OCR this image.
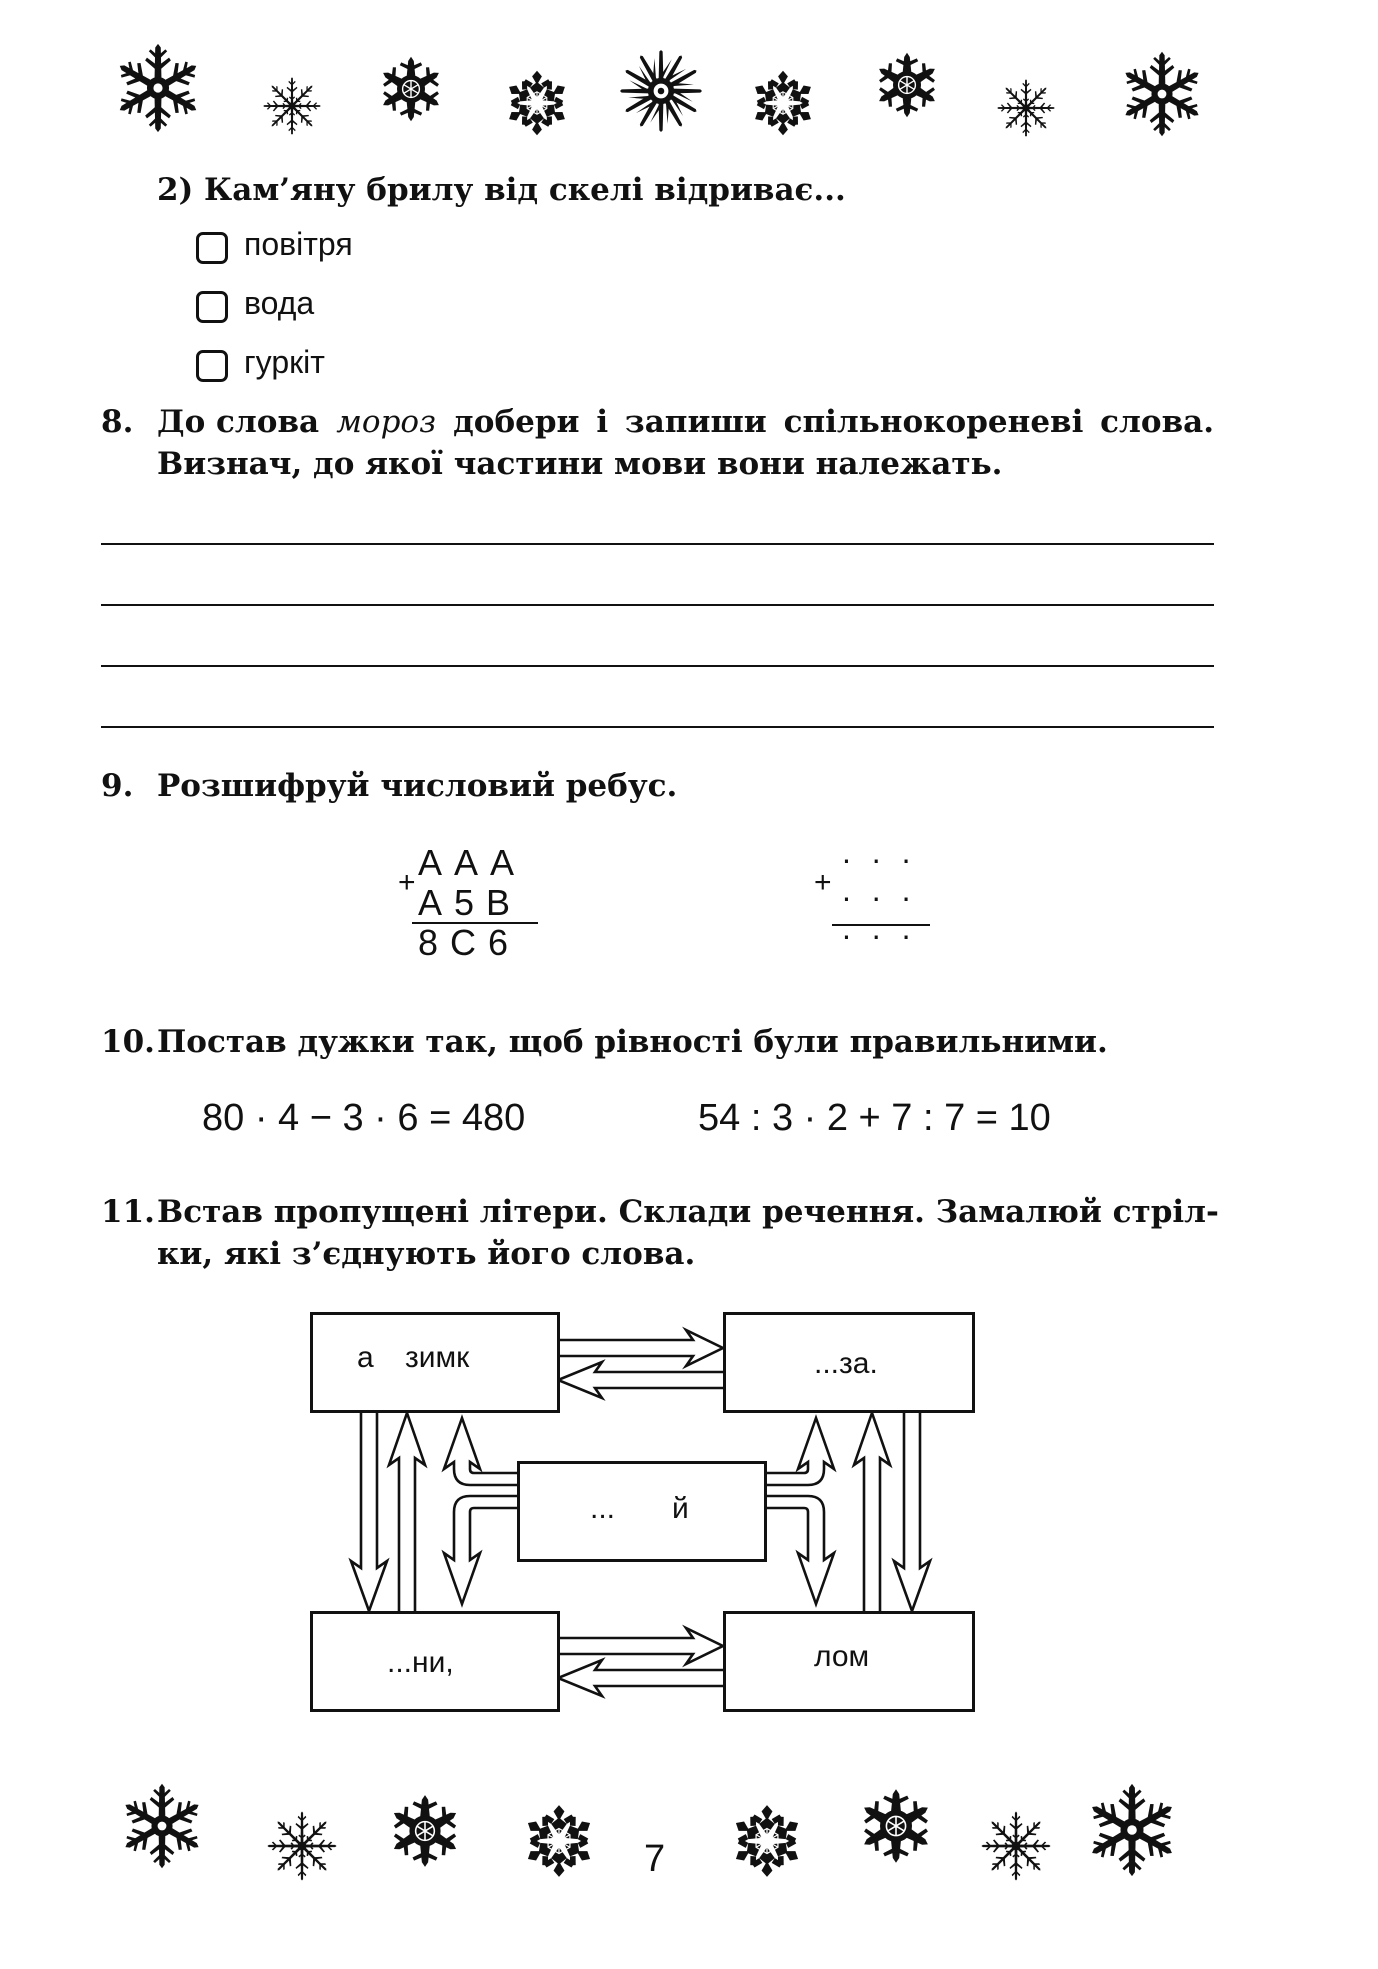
2) Кам’яну брилу від скелі відриває...
повітря
вода
гуркіт
8. До слова мороз добери і запиши спільнокореневі слова.
Визнач, до якої частини мови вони належать.
9. Розшифруй числовий ребус.
А А А
+ А 5 В
8 С 6
. . .
+ . . .
. . .
10. Постав дужки так, щоб рівності були правильними.
80 · 4 − 3 · 6 = 480	54 : 3 · 2 + 7 : 7 = 10
11. Встав пропущені літери. Склади речення. Замалюй стріл-
ки, які з’єднують його слова.
а зимк	...за.
... й
...ни,	лом
7
